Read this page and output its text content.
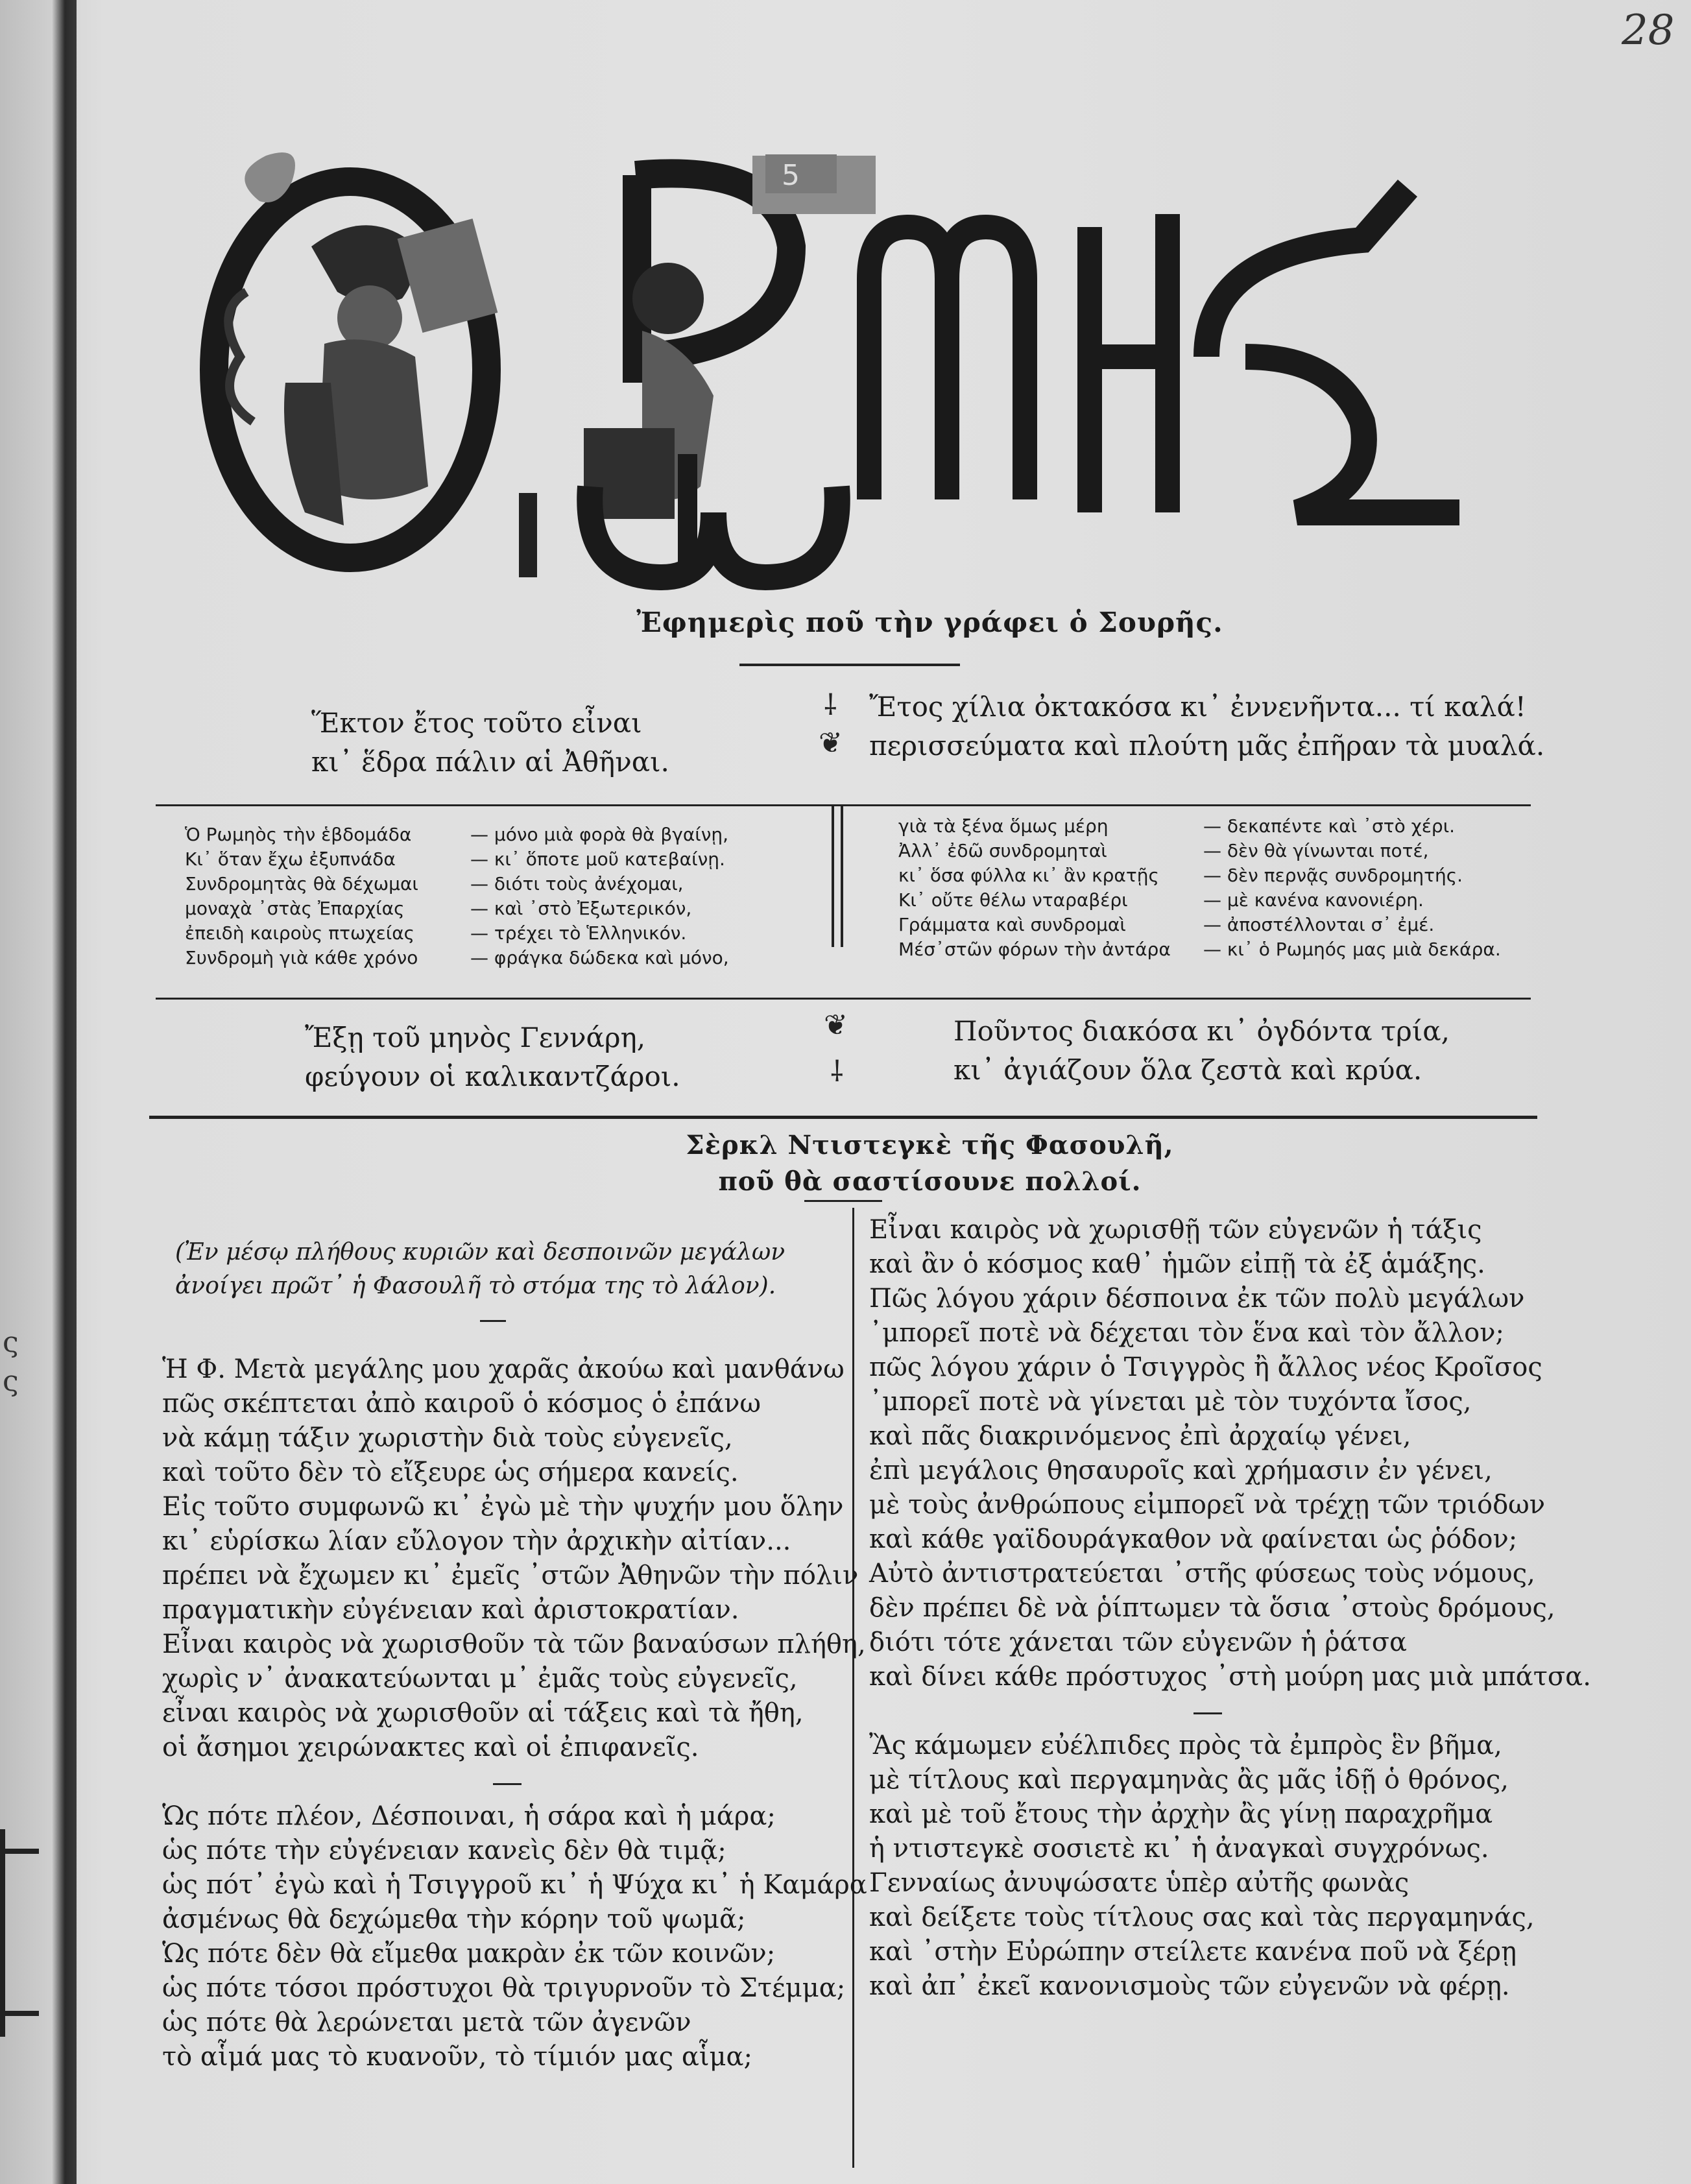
ς
ς
28
5
ΡΩΜΗΟΣ
Ἐφημερὶς ποῦ τὴν γράφει ὁ Σουρῆς.
Ἕκτον ἔτος τοῦτο εἶναι
κι᾽ ἕδρα πάλιν αἱ Ἀθῆναι.
⸸
❦
Ἔτος χίλια ὀκτακόσα κι᾽ ἐννενῆντα... τί καλά!
περισσεύματα καὶ πλούτη μᾶς ἐπῆραν τὰ μυαλά.
Ὁ Ρωμηὸς τὴν ἑβδομάδα	— μόνο μιὰ φορὰ θὰ βγαίνῃ,
Κι᾽ ὅταν ἔχω ἐξυπνάδα	— κι᾽ ὅποτε μοῦ κατεβαίνῃ.
Συνδρομητὰς θὰ δέχωμαι	— διότι τοὺς ἀνέχομαι,
μοναχὰ ᾽στὰς Ἐπαρχίας	— καὶ ᾽στὸ Ἐξωτερικόν,
ἐπειδὴ καιροὺς πτωχείας	— τρέχει τὸ Ἑλληνικόν.
Συνδρομὴ γιὰ κάθε χρόνο	— φράγκα δώδεκα καὶ μόνο,
γιὰ τὰ ξένα ὅμως μέρη	— δεκαπέντε καὶ ᾽στὸ χέρι.
Ἀλλ᾽ ἐδῶ συνδρομηταὶ	— δὲν θὰ γίνωνται ποτέ,
κι᾽ ὅσα φύλλα κι᾽ ἂν κρατῇς — δὲν περνᾷς συνδρομητής.
Κι᾽ οὔτε θέλω νταραβέρι	— μὲ κανένα κανονιέρη.
Γράμματα καὶ συνδρομαὶ	— ἀποστέλλονται σ᾽ ἐμέ.
Μέσ᾽στῶν φόρων τὴν ἀντάρα — κι᾽ ὁ Ρωμηός μας μιὰ δεκάρα.
Ἔξῃ τοῦ μηνὸς Γεννάρη,
φεύγουν οἱ καλικαντζάροι.
❦
⸸
Ποῦντος διακόσα κι᾽ ὀγδόντα τρία,
κι᾽ ἀγιάζουν ὅλα ζεστὰ καὶ κρύα.
Σὲρκλ Ντιστεγκὲ τῆς Φασουλῆ,
ποῦ θὰ σαστίσουνε πολλοί.
(Ἐν μέσῳ πλήθους κυριῶν καὶ δεσποινῶν μεγάλων
ἀνοίγει πρῶτ᾽ ἡ Φασουλῆ τὸ στόμα της τὸ λάλον).
Ἡ Φ. Μετὰ μεγάλης μου χαρᾶς ἀκούω καὶ μανθάνω
πῶς σκέπτεται ἀπὸ καιροῦ ὁ κόσμος ὁ ἐπάνω
νὰ κάμῃ τάξιν χωριστὴν διὰ τοὺς εὐγενεῖς,
καὶ τοῦτο δὲν τὸ εἴξευρε ὡς σήμερα κανείς.
Εἰς τοῦτο συμφωνῶ κι᾽ ἐγὼ μὲ τὴν ψυχήν μου ὅλην
κι᾽ εὑρίσκω λίαν εὔλογον τὴν ἀρχικὴν αἰτίαν...
πρέπει νὰ ἔχωμεν κι᾽ ἐμεῖς ᾽στῶν Ἀθηνῶν τὴν πόλιν
πραγματικὴν εὐγένειαν καὶ ἀριστοκρατίαν.
Εἶναι καιρὸς νὰ χωρισθοῦν τὰ τῶν βαναύσων πλήθη,
χωρὶς ν᾽ ἀνακατεύωνται μ᾽ ἐμᾶς τοὺς εὐγενεῖς,
εἶναι καιρὸς νὰ χωρισθοῦν αἱ τάξεις καὶ τὰ ἤθη,
οἱ ἄσημοι χειρώνακτες καὶ οἱ ἐπιφανεῖς.
Ὡς πότε πλέον, Δέσποιναι, ἡ σάρα καὶ ἡ μάρα;
ὡς πότε τὴν εὐγένειαν κανεὶς δὲν θὰ τιμᾷ;
ὡς πότ᾽ ἐγὼ καὶ ἡ Τσιγγροῦ κι᾽ ἡ Ψύχα κι᾽ ἡ Καμάρα
ἀσμένως θὰ δεχώμεθα τὴν κόρην τοῦ ψωμᾶ;
Ὡς πότε δὲν θὰ εἴμεθα μακρὰν ἐκ τῶν κοινῶν;
ὡς πότε τόσοι πρόστυχοι θὰ τριγυρνοῦν τὸ Στέμμα;
ὡς πότε θὰ λερώνεται μετὰ τῶν ἀγενῶν
τὸ αἷμά μας τὸ κυανοῦν, τὸ τίμιόν μας αἷμα;
Εἶναι καιρὸς νὰ χωρισθῇ τῶν εὐγενῶν ἡ τάξις
καὶ ἂν ὁ κόσμος καθ᾽ ἡμῶν εἰπῇ τὰ ἐξ ἁμάξης.
Πῶς λόγου χάριν δέσποινα ἐκ τῶν πολὺ μεγάλων
᾽μπορεῖ ποτὲ νὰ δέχεται τὸν ἕνα καὶ τὸν ἄλλον;
πῶς λόγου χάριν ὁ Τσιγγρὸς ἢ ἄλλος νέος Κροῖσος
᾽μπορεῖ ποτὲ νὰ γίνεται μὲ τὸν τυχόντα ἴσος,
καὶ πᾶς διακρινόμενος ἐπὶ ἀρχαίῳ γένει,
ἐπὶ μεγάλοις θησαυροῖς καὶ χρήμασιν ἐν γένει,
μὲ τοὺς ἀνθρώπους εἰμπορεῖ νὰ τρέχῃ τῶν τριόδων
καὶ κάθε γαϊδουράγκαθον νὰ φαίνεται ὡς ῥόδον;
Αὐτὸ ἀντιστρατεύεται ᾽στῆς φύσεως τοὺς νόμους,
δὲν πρέπει δὲ νὰ ῥίπτωμεν τὰ ὅσια ᾽στοὺς δρόμους,
διότι τότε χάνεται τῶν εὐγενῶν ἡ ῥάτσα
καὶ δίνει κάθε πρόστυχος ᾽στὴ μούρη μας μιὰ μπάτσα.
Ἂς κάμωμεν εὐέλπιδες πρὸς τὰ ἐμπρὸς ἓν βῆμα,
μὲ τίτλους καὶ περγαμηνὰς ἂς μᾶς ἰδῇ ὁ θρόνος,
καὶ μὲ τοῦ ἔτους τὴν ἀρχὴν ἂς γίνῃ παραχρῆμα
ἡ ντιστεγκὲ σοσιετὲ κι᾽ ἡ ἀναγκαὶ συγχρόνως.
Γενναίως ἀνυψώσατε ὑπὲρ αὐτῆς φωνὰς
καὶ δείξετε τοὺς τίτλους σας καὶ τὰς περγαμηνάς,
καὶ ᾽στὴν Εὐρώπην στείλετε κανένα ποῦ νὰ ξέρῃ
καὶ ἀπ᾽ ἐκεῖ κανονισμοὺς τῶν εὐγενῶν νὰ φέρῃ.
